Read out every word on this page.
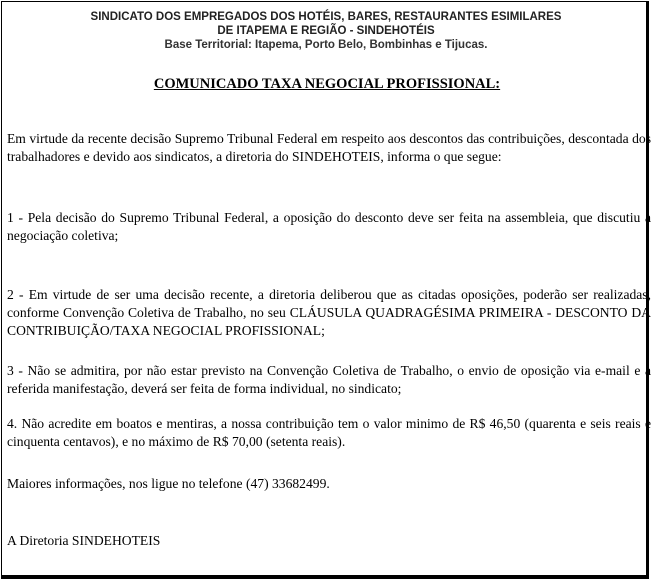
SINDICATO DOS EMPREGADOS DOS HOTÉIS, BARES, RESTAURANTES ESIMILARES
DE ITAPEMA E REGIÃO - SINDEHOTÉIS
Base Territorial: Itapema, Porto Belo, Bombinhas e Tijucas.
COMUNICADO TAXA NEGOCIAL PROFISSIONAL:

Em virtude da recente decisão Supremo Tribunal Federal em respeito aos descontos das contribuições, descontada dos trabalhadores e devido aos sindicatos, a diretoria do SINDEHOTEIS, informa o que segue:

1 - Pela decisão do Supremo Tribunal Federal, a oposição do desconto deve ser feita na assembleia, que discutiu a negociação coletiva;

2 - Em virtude de ser uma decisão recente, a diretoria deliberou que as citadas oposições, poderão ser realizadas, conforme Convenção Coletiva de Trabalho, no seu CLÁUSULA QUADRAGÉSIMA PRIMEIRA - DESCONTO DA CONTRIBUIÇÃO/TAXA NEGOCIAL PROFISSIONAL;

3 - Não se admitira, por não estar previsto na Convenção Coletiva de Trabalho, o envio de oposição via e-mail e a referida manifestação, deverá ser feita de forma individual, no sindicato;

4. Não acredite em boatos e mentiras, a nossa contribuição tem o valor minimo de R$ 46,50 (quarenta e seis reais e cinquenta centavos), e no máximo de R$ 70,00 (setenta reais).

Maiores informações, nos ligue no telefone (47) 33682499.

A Diretoria SINDEHOTEIS
